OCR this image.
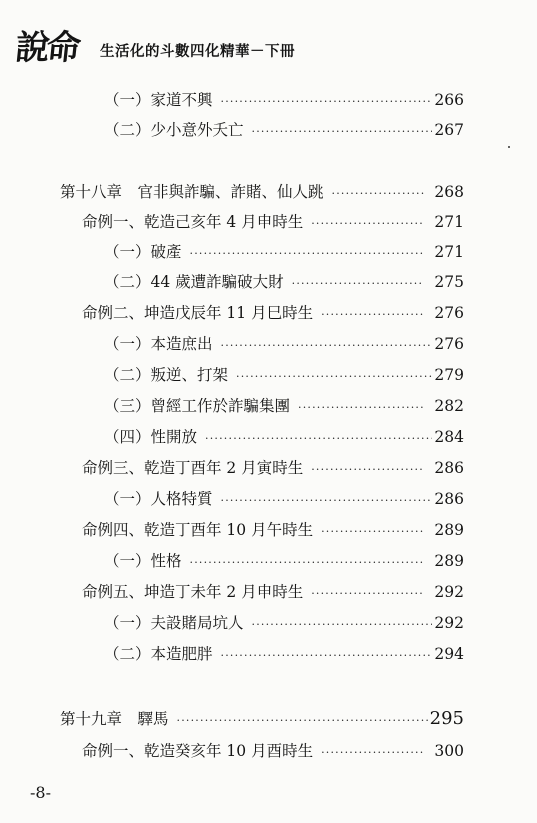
說命 生活化的斗數四化精華－下冊
（一）家道不興 ·····	266
（二）少小意外夭亡 ·····	267
第十八章　官非與詐騙、詐賭、仙人跳 ·····	268
命例一、乾造己亥年 4 月申時生 ·····	271
（一）破產 ·····	271
（二）44 歲遭詐騙破大財 ·····	275
命例二、坤造戊辰年 11 月巳時生 ·····	276
（一）本造庶出 ·····	276
（二）叛逆、打架 ·····	279
（三）曾經工作於詐騙集團 ·····	282
（四）性開放 ·····	284
命例三、乾造丁酉年 2 月寅時生 ·····	286
（一）人格特質 ·····	286
命例四、乾造丁酉年 10 月午時生 ·····	289
（一）性格 ·····	289
命例五、坤造丁未年 2 月申時生 ·····	292
（一）夫設賭局坑人 ·····	292
（二）本造肥胖 ·····	294
第十九章　驛馬 ·····	295
命例一、乾造癸亥年 10 月酉時生 ·····	300
-8-
